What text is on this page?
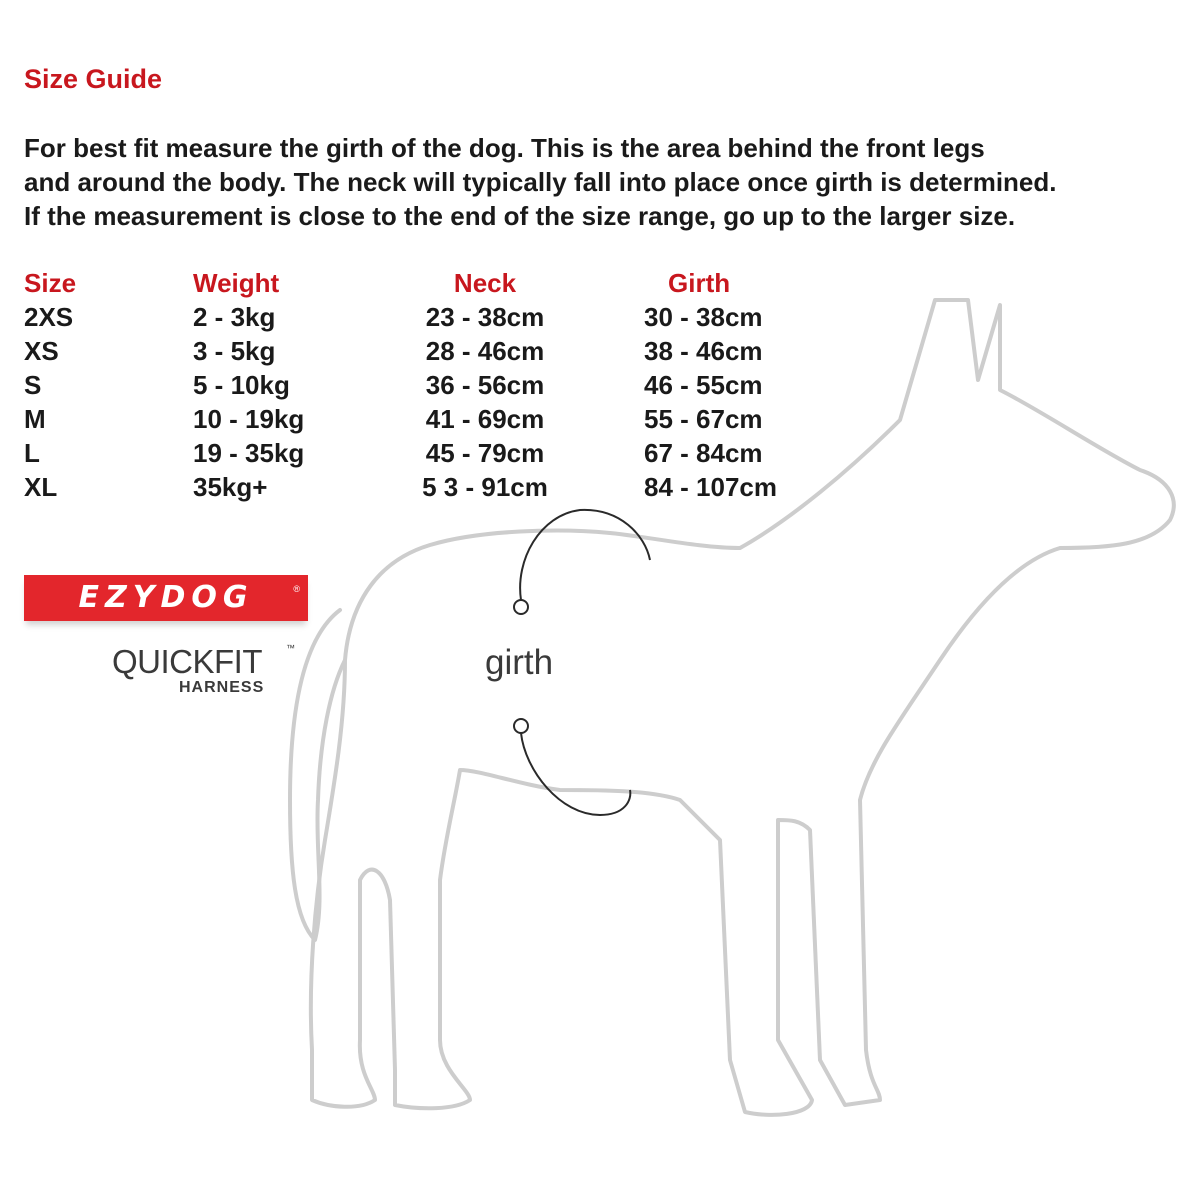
Size Guide
For best fit measure the girth of the dog. This is the area behind the front legs
and around the body. The neck will typically fall into place once girth is determined.
If the measurement is close to the end of the size range, go up to the larger size.
Size	Weight	Neck	Girth
2XS	2 - 3kg	23 - 38cm	30 - 38cm
XS	3 - 5kg	28 - 46cm	38 - 46cm
S	5 - 10kg	36 - 56cm	46 - 55cm
M	10 - 19kg	41 - 69cm	55 - 67cm
L	19 - 35kg	45 - 79cm	67 - 84cm
XL	35kg+	5 3 - 91cm	84 - 107cm
EZYDOG	®
QUICKFIT	™
HARNESS
girth
